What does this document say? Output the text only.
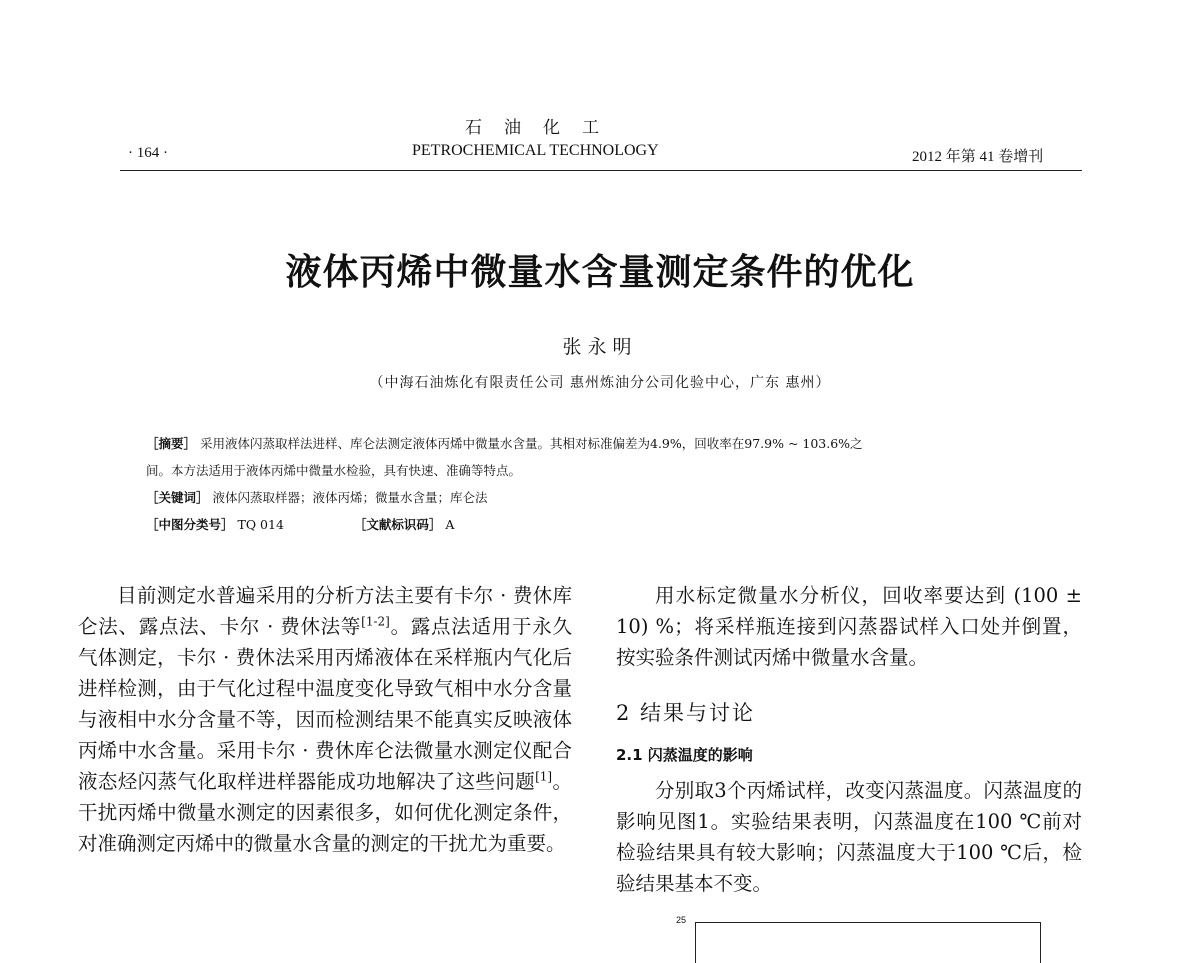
石油化工
· 164 ·	PETROCHEMICAL TECHNOLOGY	2012 年第 41 卷增刊
液体丙烯中微量水含量测定条件的优化
张永明
（中海石油炼化有限责任公司 惠州炼油分公司化验中心，广东 惠州）
［摘要］ 采用液体闪蒸取样法进样、库仑法测定液体丙烯中微量水含量。其相对标准偏差为4.9%，回收率在97.9% ~ 103.6%之
间。本方法适用于液体丙烯中微量水检验，具有快速、准确等特点。
［关键词］ 液体闪蒸取样器；液体丙烯；微量水含量；库仑法
［中图分类号］ TQ 014	［文献标识码］ A

目前测定水普遍采用的分析方法主要有卡尔 · 费休库仑法、露点法、卡尔 · 费休法等[1-2]。露点法适用于永久气体测定，卡尔 · 费休法采用丙烯液体在采样瓶内气化后进样检测，由于气化过程中温度变化导致气相中水分含量与液相中水分含量不等，因而检测结果不能真实反映液体丙烯中水含量。采用卡尔 · 费休库仑法微量水测定仪配合液态烃闪蒸气化取样进样器能成功地解决了这些问题[1]。干扰丙烯中微量水测定的因素很多，如何优化测定条件，对准确测定丙烯中的微量水含量的测定的干扰尤为重要。

用水标定微量水分析仪，回收率要达到 (100 ± 10) %；将采样瓶连接到闪蒸器试样入口处并倒置，按实验条件测试丙烯中微量水含量。

2 结果与讨论
2.1 闪蒸温度的影响

分别取3个丙烯试样，改变闪蒸温度。闪蒸温度的影响见图1。实验结果表明，闪蒸温度在100 ℃前对检验结果具有较大影响；闪蒸温度大于100 ℃后，检验结果基本不变。

25
